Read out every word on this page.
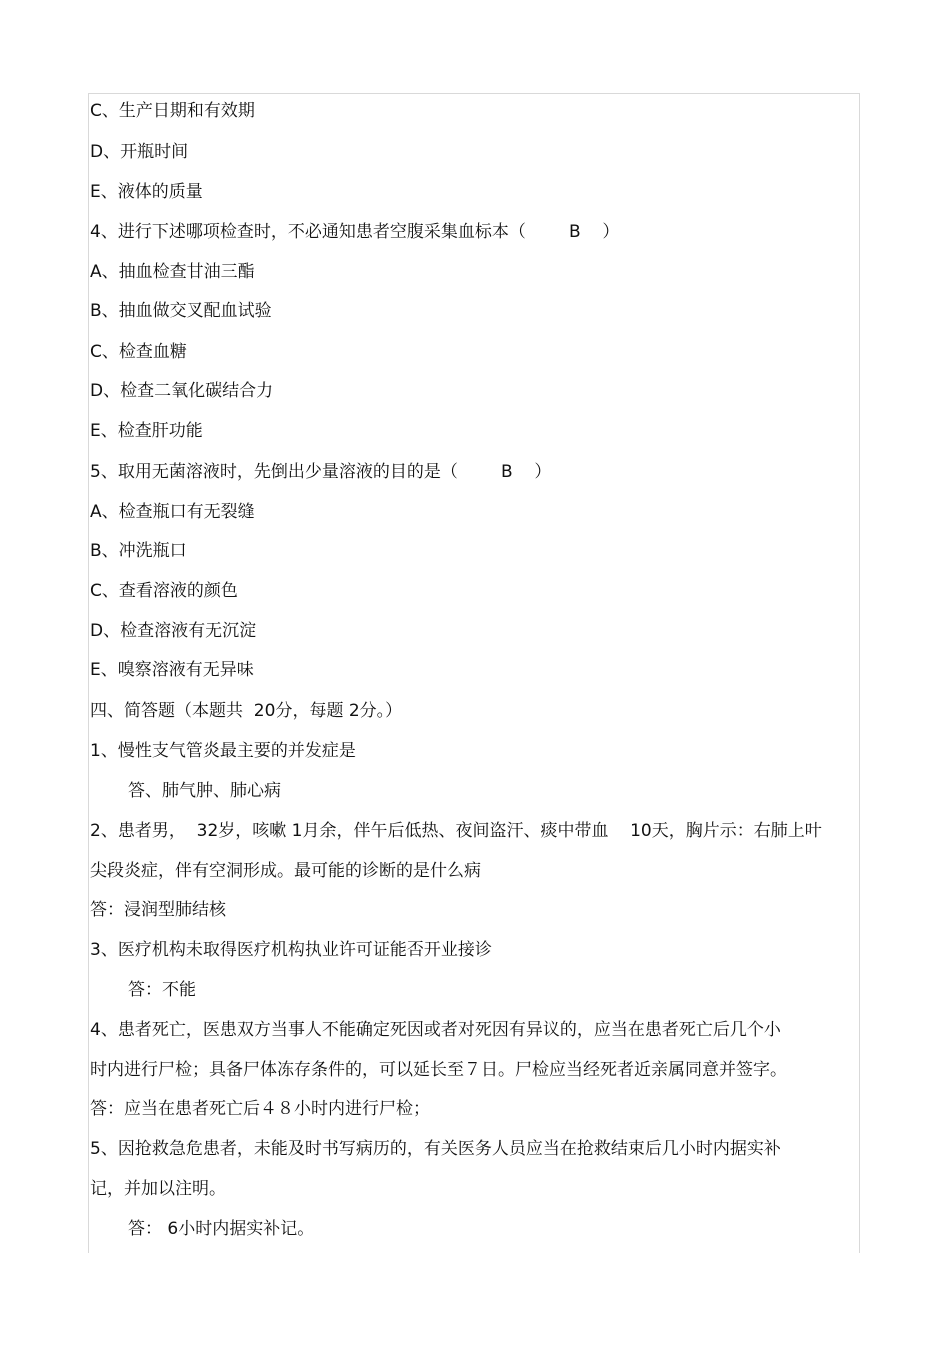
C、生产日期和有效期
D、开瓶时间
E、液体的质量
4、进行下述哪项检查时，不必通知患者空腹采集血标本（        B    ）
A、抽血检查甘油三酯
B、抽血做交叉配血试验
C、检查血糖
D、检查二氧化碳结合力
E、检查肝功能
5、取用无菌溶液时，先倒出少量溶液的目的是（        B    ）
A、检查瓶口有无裂缝
B、冲洗瓶口
C、查看溶液的颜色
D、检查溶液有无沉淀
E、嗅察溶液有无异味
四、简答题（本题共  20分，每题 2分。）
1、慢性支气管炎最主要的并发症是
答、肺气肿、肺心病
2、患者男，  32岁，咳嗽 1月余，伴午后低热、夜间盗汗、痰中带血    10天，胸片示：右肺上叶
尖段炎症，伴有空洞形成。最可能的诊断的是什么病
答：浸润型肺结核
3、医疗机构未取得医疗机构执业许可证能否开业接诊
答：不能
4、患者死亡，医患双方当事人不能确定死因或者对死因有异议的，应当在患者死亡后几个小
时内进行尸检；具备尸体冻存条件的，可以延长至７日。尸检应当经死者近亲属同意并签字。
答：应当在患者死亡后４８小时内进行尸检；
5、因抢救急危患者，未能及时书写病历的，有关医务人员应当在抢救结束后几小时内据实补
记，并加以注明。
答： 6小时内据实补记。
